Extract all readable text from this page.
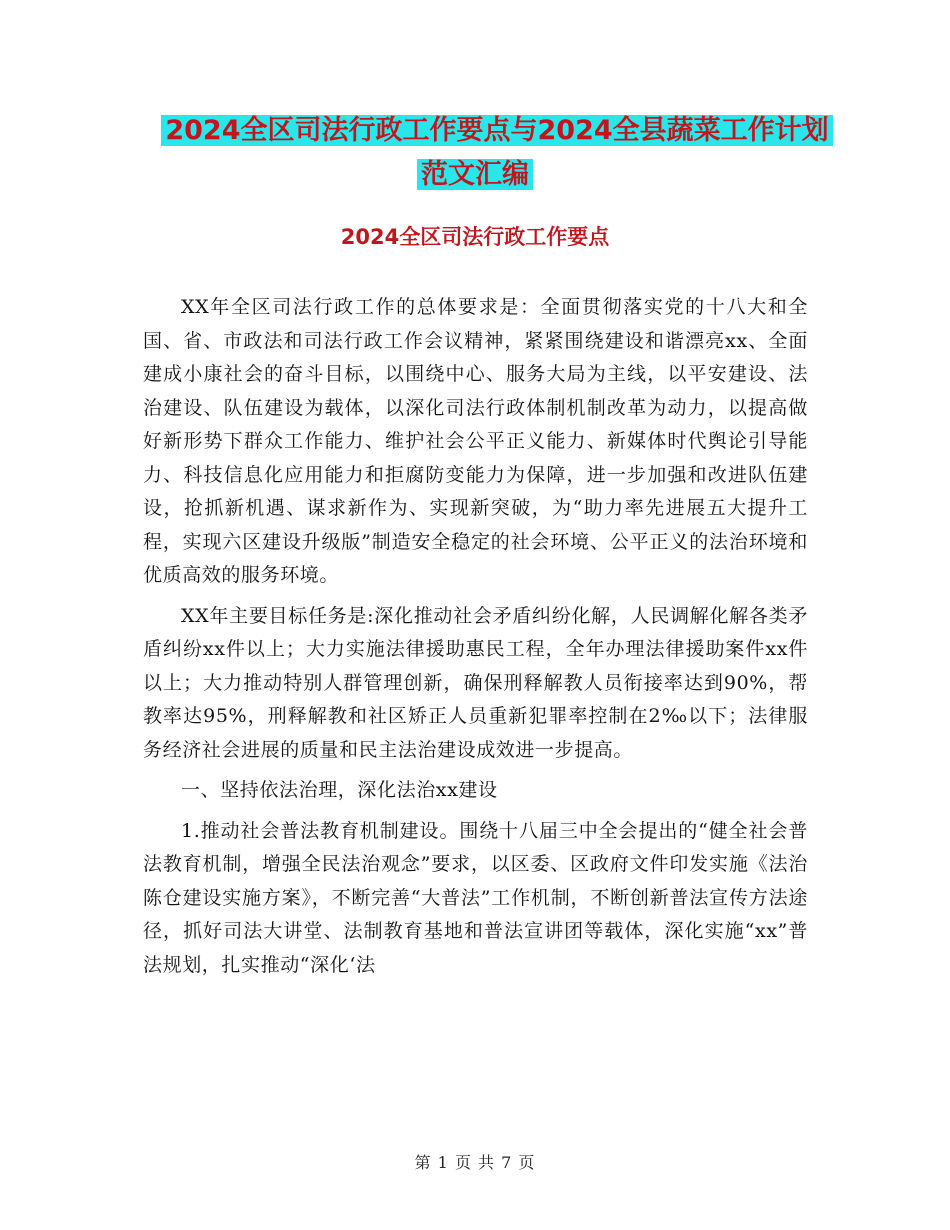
2024全区司法行政工作要点与2024全县蔬菜工作计划
范文汇编
2024全区司法行政工作要点

XX年全区司法行政工作的总体要求是：全面贯彻落实党的十八大和全国、省、市政法和司法行政工作会议精神，紧紧围绕建设和谐漂亮xx、全面建成小康社会的奋斗目标，以围绕中心、服务大局为主线，以平安建设、法治建设、队伍建设为载体，以深化司法行政体制机制改革为动力，以提高做好新形势下群众工作能力、维护社会公平正义能力、新媒体时代舆论引导能力、科技信息化应用能力和拒腐防变能力为保障，进一步加强和改进队伍建设，抢抓新机遇、谋求新作为、实现新突破，为“助力率先进展五大提升工程，实现六区建设升级版”制造安全稳定的社会环境、公平正义的法治环境和优质高效的服务环境。

XX年主要目标任务是:深化推动社会矛盾纠纷化解，人民调解化解各类矛盾纠纷xx件以上；大力实施法律援助惠民工程，全年办理法律援助案件xx件以上；大力推动特别人群管理创新，确保刑释解教人员衔接率达到90%，帮教率达95%，刑释解教和社区矫正人员重新犯罪率控制在2‰以下；法律服务经济社会进展的质量和民主法治建设成效进一步提高。

一、坚持依法治理，深化法治xx建设

1.推动社会普法教育机制建设。围绕十八届三中全会提出的“健全社会普法教育机制，增强全民法治观念”要求，以区委、区政府文件印发实施《法治陈仓建设实施方案》，不断完善“大普法”工作机制，不断创新普法宣传方法途径，抓好司法大讲堂、法制教育基地和普法宣讲团等载体，深化实施“xx”普法规划，扎实推动“深化‘法

第 1 页 共 7 页
